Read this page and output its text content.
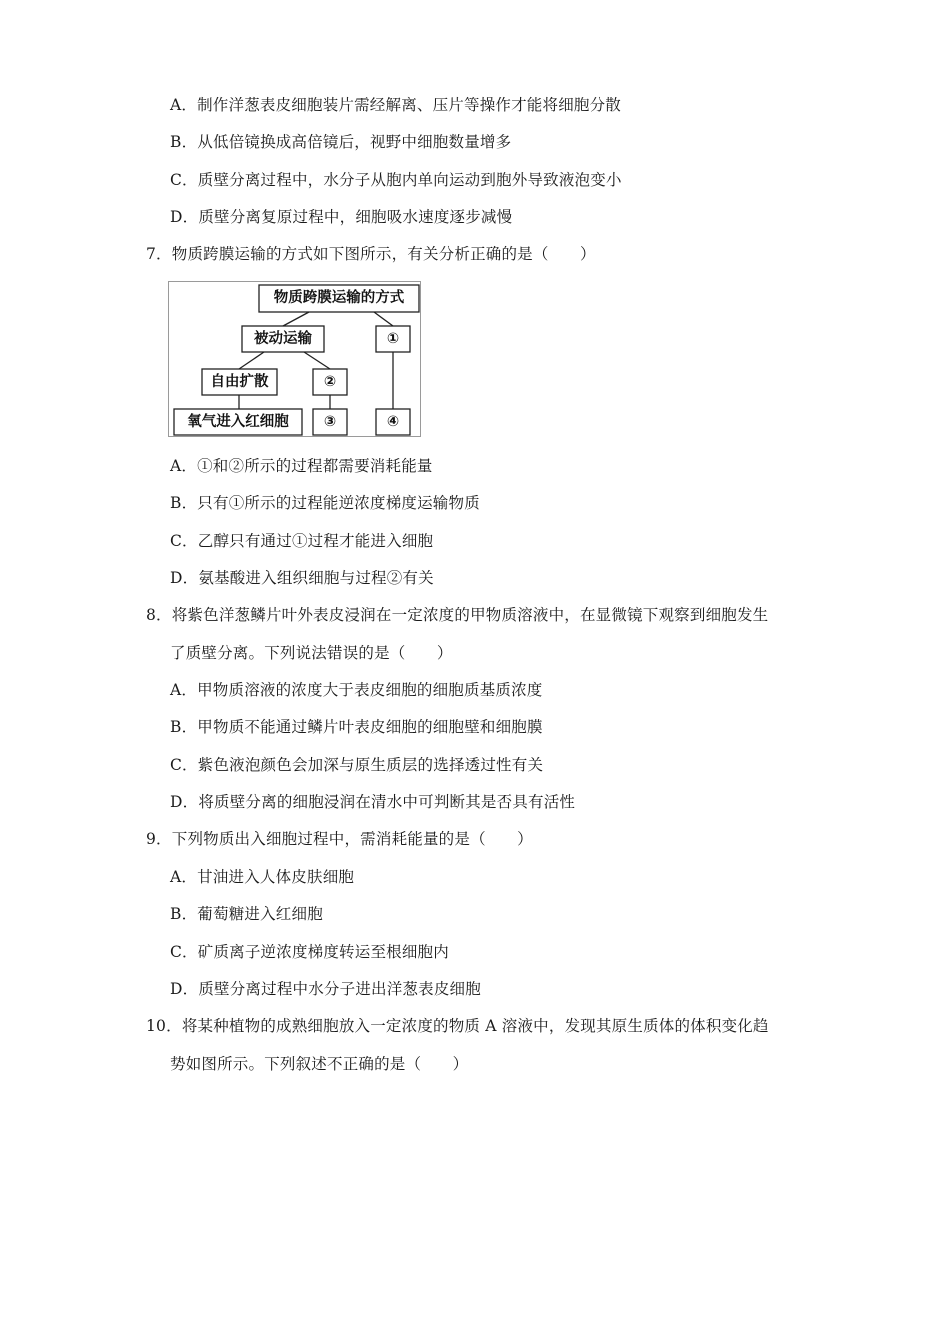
A．制作洋葱表皮细胞装片需经解离、压片等操作才能将细胞分散
B．从低倍镜换成高倍镜后，视野中细胞数量增多
C．质壁分离过程中，水分子从胞内单向运动到胞外导致液泡变小
D．质壁分离复原过程中，细胞吸水速度逐步减慢
7．物质跨膜运输的方式如下图所示，有关分析正确的是（　　）
物质跨膜运输的方式
被动运输	①
自由扩散	②
氧气进入红细胞	③	④
A．①和②所示的过程都需要消耗能量
B．只有①所示的过程能逆浓度梯度运输物质
C．乙醇只有通过①过程才能进入细胞
D．氨基酸进入组织细胞与过程②有关
8．将紫色洋葱鳞片叶外表皮浸润在一定浓度的甲物质溶液中，在显微镜下观察到细胞发生
了质壁分离。下列说法错误的是（　　）
A．甲物质溶液的浓度大于表皮细胞的细胞质基质浓度
B．甲物质不能通过鳞片叶表皮细胞的细胞壁和细胞膜
C．紫色液泡颜色会加深与原生质层的选择透过性有关
D．将质壁分离的细胞浸润在清水中可判断其是否具有活性
9．下列物质出入细胞过程中，需消耗能量的是（　　）
A．甘油进入人体皮肤细胞
B．葡萄糖进入红细胞
C．矿质离子逆浓度梯度转运至根细胞内
D．质壁分离过程中水分子进出洋葱表皮细胞
10．将某种植物的成熟细胞放入一定浓度的物质 A 溶液中，发现其原生质体的体积变化趋
势如图所示。下列叙述不正确的是（　　）
